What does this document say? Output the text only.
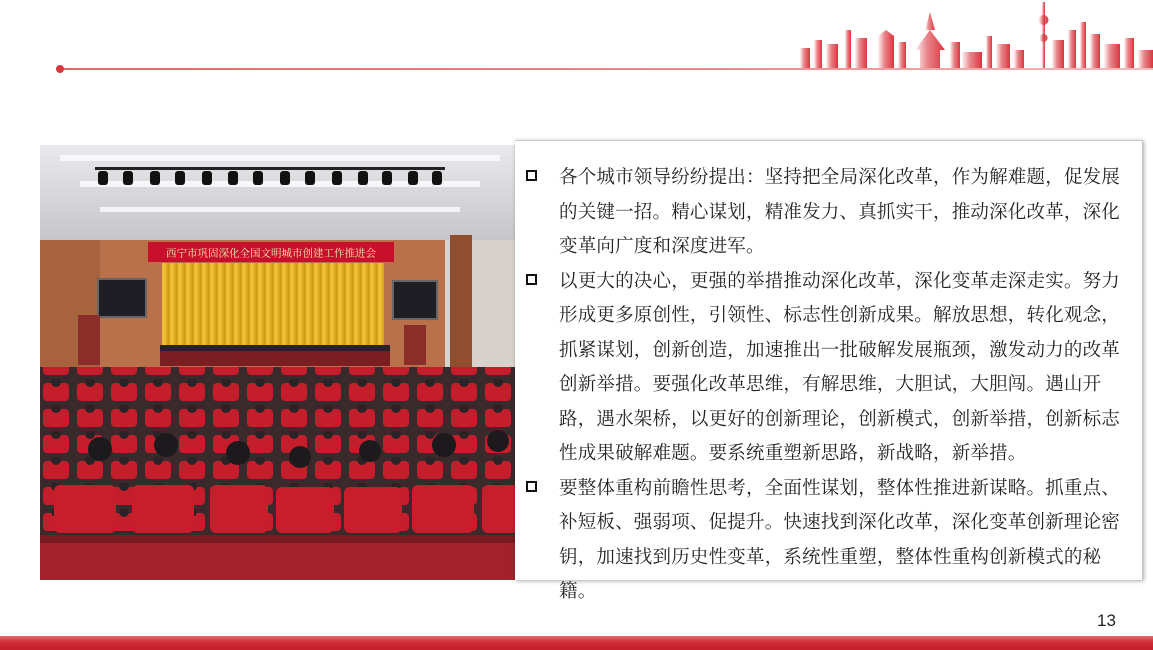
西宁市巩固深化全国文明城市创建工作推进会
各个城市领导纷纷提出：坚持把全局深化改革，作为解难题，促发展的关键一招。精心谋划，精准发力、真抓实干，推动深化改革，深化变革向广度和深度进军。
以更大的决心，更强的举措推动深化改革，深化变革走深走实。努力形成更多原创性，引领性、标志性创新成果。解放思想，转化观念，抓紧谋划，创新创造，加速推出一批破解发展瓶颈，激发动力的改革创新举措。要强化改革思维，有解思维，大胆试，大胆闯。遇山开路，遇水架桥，以更好的创新理论，创新模式，创新举措，创新标志性成果破解难题。要系统重塑新思路，新战略，新举措。
要整体重构前瞻性思考，全面性谋划，整体性推进新谋略。抓重点、补短板、强弱项、促提升。快速找到深化改革，深化变革创新理论密钥，加速找到历史性变革，系统性重塑，整体性重构创新模式的秘籍。
13
